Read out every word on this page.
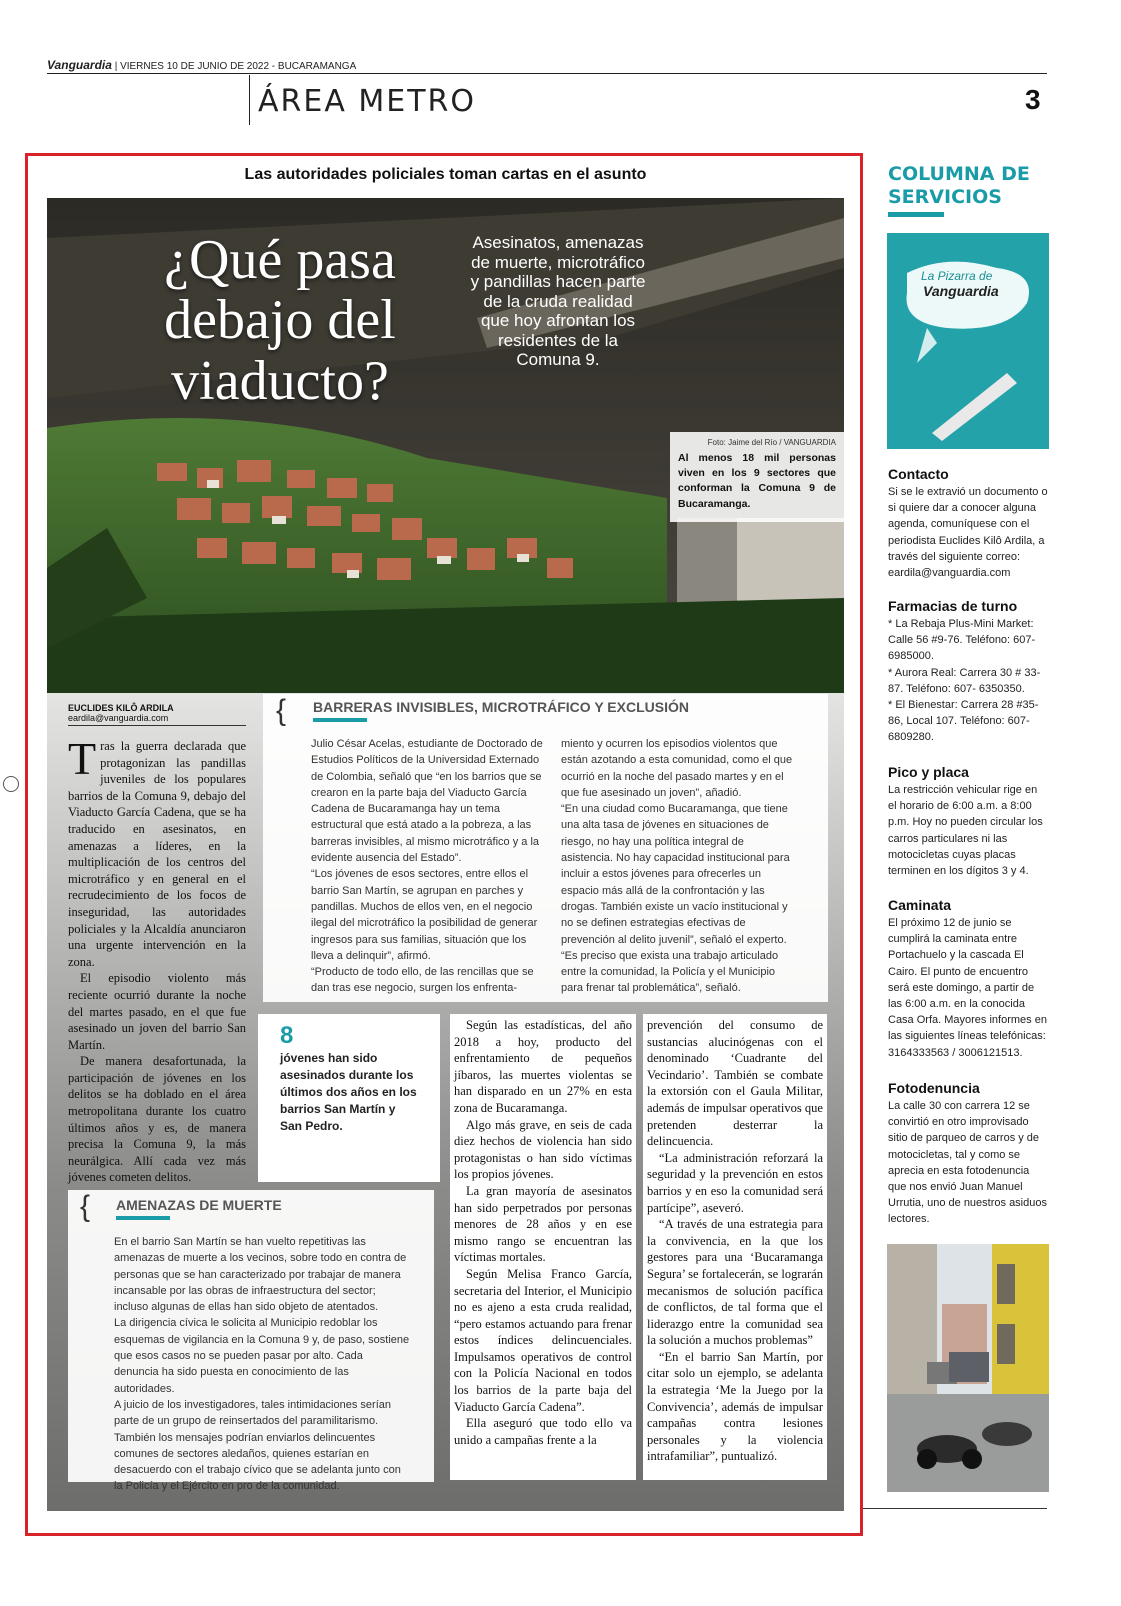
Vanguardia | VIERNES 10 DE JUNIO DE 2022 - BUCARAMANGA
ÁREA METRO	3
Las autoridades policiales toman cartas en el asunto
¿Qué pasa debajo del viaducto?
Asesinatos, amenazas de muerte, microtráfico y pandillas hacen parte de la cruda realidad que hoy afrontan los residentes de la Comuna 9.
Foto: Jaime del Río / VANGUARDIA
Al menos 18 mil personas viven en los 9 sectores que conforman la Comuna 9 de Bucaramanga.
EUCLIDES KILÔ ARDILA
eardila@vanguardia.com

Tras la guerra declarada que protagonizan las pandillas juveniles de los populares barrios de la Comuna 9, debajo del Viaducto García Cadena, que se ha traducido en asesinatos, en amenazas a líderes, en la multiplicación de los centros del microtráfico y en general en el recrudecimiento de los focos de inseguridad, las autoridades policiales y la Alcaldía anunciaron una urgente intervención en la zona.

El episodio violento más reciente ocurrió durante la noche del martes pasado, en el que fue asesinado un joven del barrio San Martín.

De manera desafortunada, la participación de jóvenes en los delitos se ha doblado en el área metropolitana durante los cuatro últimos años y es, de manera precisa la Comuna 9, la más neurálgica. Allí cada vez más jóvenes cometen delitos.

BARRERAS INVISIBLES, MICROTRÁFICO Y EXCLUSIÓN

Julio César Acelas, estudiante de Doctorado de Estudios Políticos de la Universidad Externado de Colombia, señaló que “en los barrios que se crearon en la parte baja del Viaducto García Cadena de Bucaramanga hay un tema estructural que está atado a la pobreza, a las barreras invisibles, al mismo microtráfico y a la evidente ausencia del Estado”.

“Los jóvenes de esos sectores, entre ellos el barrio San Martín, se agrupan en parches y pandillas. Muchos de ellos ven, en el negocio ilegal del microtráfico la posibilidad de generar ingresos para sus familias, situación que los lleva a delinquir”, afirmó.

“Producto de todo ello, de las rencillas que se dan tras ese negocio, surgen los enfrenta-

miento y ocurren los episodios violentos que están azotando a esta comunidad, como el que ocurrió en la noche del pasado martes y en el que fue asesinado un joven”, añadió.

“En una ciudad como Bucaramanga, que tiene una alta tasa de jóvenes en situaciones de riesgo, no hay una política integral de asistencia. No hay capacidad institucional para incluir a estos jóvenes para ofrecerles un espacio más allá de la confrontación y las drogas. También existe un vacío institucional y no se definen estrategias efectivas de prevención al delito juvenil”, señaló el experto.

“Es preciso que exista una trabajo articulado entre la comunidad, la Policía y el Municipio para frenar tal problemática”, señaló.

{
8
jóvenes han sido asesinados durante los últimos dos años en los barrios San Martín y San Pedro.
AMENAZAS DE MUERTE

En el barrio San Martín se han vuelto repetitivas las amenazas de muerte a los vecinos, sobre todo en contra de personas que se han caracterizado por trabajar de manera incansable por las obras de infraestructura del sector; incluso algunas de ellas han sido objeto de atentados.

La dirigencia cívica le solicita al Municipio redoblar los esquemas de vigilancia en la Comuna 9 y, de paso, sostiene que esos casos no se pueden pasar por alto. Cada denuncia ha sido puesta en conocimiento de las autoridades.

A juicio de los investigadores, tales intimidaciones serían parte de un grupo de reinsertados del paramilitarismo.

También los mensajes podrían enviarlos delincuentes comunes de sectores aledaños, quienes estarían en desacuerdo con el trabajo cívico que se adelanta junto con la Policía y el Ejército en pro de la comunidad.

{

Según las estadísticas, del año 2018 a hoy, producto del enfrentamiento de pequeños jíbaros, las muertes violentas se han disparado en un 27% en esta zona de Bucaramanga.

Algo más grave, en seis de cada diez hechos de violencia han sido protagonistas o han sido víctimas los propios jóvenes.

La gran mayoría de asesinatos han sido perpetrados por personas menores de 28 años y en ese mismo rango se encuentran las víctimas mortales.

Según Melisa Franco García, secretaria del Interior, el Municipio no es ajeno a esta cruda realidad, “pero estamos actuando para frenar estos índices delincuenciales. Impulsamos operativos de control con la Policía Nacional en todos los barrios de la parte baja del Viaducto García Cadena”.

Ella aseguró que todo ello va unido a campañas frente a la

prevención del consumo de sustancias alucinógenas con el denominado ‘Cuadrante del Vecindario’. También se combate la extorsión con el Gaula Militar, además de impulsar operativos que pretenden desterrar la delincuencia.

“La administración reforzará la seguridad y la prevención en estos barrios y en eso la comunidad será partícipe”, aseveró.

“A través de una estrategia para la convivencia, en la que los gestores para una ‘Bucaramanga Segura’ se fortalecerán, se lograrán mecanismos de solución pacífica de conflictos, de tal forma que el liderazgo entre la comunidad sea la solución a muchos problemas”

“En el barrio San Martín, por citar solo un ejemplo, se adelanta la estrategia ‘Me la Juego por la Convivencia’, además de impulsar campañas contra lesiones personales y la violencia intrafamiliar”, puntualizó.

COLUMNA DE
SERVICIOS
La Pizarra de
Vanguardia
Contacto
Si se le extravió un documento o si quiere dar a conocer alguna agenda, comuníquese con el periodista Euclides Kilô Ardila, a través del siguiente correo: eardila@vanguardia.com
Farmacias de turno
* La Rebaja Plus-Mini Market: Calle 56 #9-76. Teléfono: 607-6985000.
* Aurora Real: Carrera 30 # 33-87. Teléfono: 607- 6350350.
* El Bienestar: Carrera 28 #35-86, Local 107. Teléfono: 607-6809280.
Pico y placa
La restricción vehicular rige en el horario de 6:00 a.m. a 8:00 p.m. Hoy no pueden circular los carros particulares ni las motocicletas cuyas placas terminen en los dígitos 3 y 4.
Caminata
El próximo 12 de junio se cumplirá la caminata entre Portachuelo y la cascada El Cairo. El punto de encuentro será este domingo, a partir de las 6:00 a.m. en la conocida Casa Orfa. Mayores informes en las siguientes líneas telefónicas: 3164333563 / 3006121513.
Fotodenuncia
La calle 30 con carrera 12 se convirtió en otro improvisado sitio de parqueo de carros y de motocicletas, tal y como se aprecia en esta fotodenuncia que nos envió Juan Manuel Urrutia, uno de nuestros asiduos lectores.
